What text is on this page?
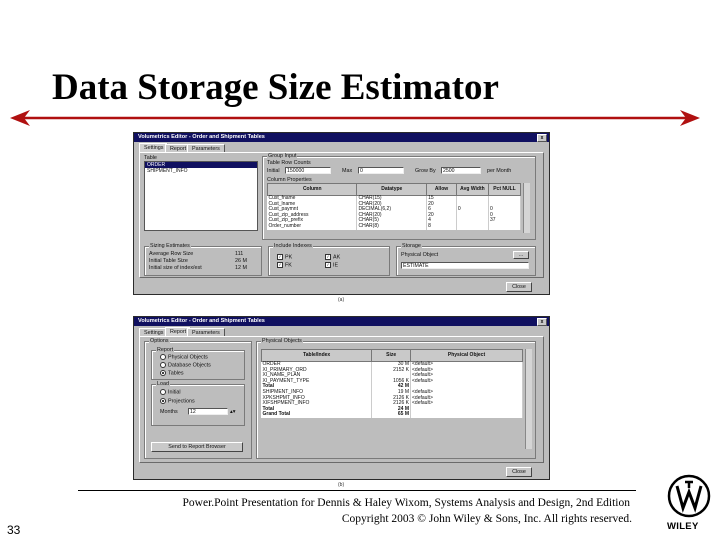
Data Storage Size Estimator
Volumetrics Editor - Order and Shipment Tables	x
Settings	Report	Parameters
Table
ORDER
SHIPMENT_INFO
Group Input
Table Row Counts
Initial	150000	Max	0	Grow By	2500	per Month
Column Properties
Column	Datatype	Allow	Avg Width	Pct NULL
Cust_fname	CHAR(15)	15		
Cust_lname	CHAR(20)	20		
Cust_paymnt	DECIMAL(6,2)	6	0	0
Cust_zip_address	CHAR(20)	20		0
Cust_zip_prefix	CHAR(5)	4		37
Order_number	CHAR(8)	8		
Sizing Estimates
Average Row Size	111
Initial Table Size	26 M
Initial size of index/est	12 M
Include Indexes
✓ PK	✓ AK
✓ FK	✓ IE
Storage
Physical Object	...
ESTIMATE
Close
(a)
Volumetrics Editor - Order and Shipment Tables	x
Settings	Report	Parameters
Options
Report
Physical Objects
Database Objects
Tables
Load
Initial
Projections
Months	12	▴▾
Send to Report Browser
Physical Objects
Table/Index	Size	Physical Object
ORDER	30 M	<default>
XI_PRIMARY_ORD	2152 K	<default>
XI_NAME_PLAN		<default>
XI_PAYMENT_TYPE	1056 K	<default>
Total	42 M	
SHIPMENT_INFO	19 M	<default>
XPKSHPMT_INFO	2126 K	<default>
XIFSHPMENT_INFO	2126 K	<default>
Total	24 M	
Grand Total	65 M	
Close
(b)
Power.Point Presentation for Dennis & Haley Wixom, Systems Analysis and Design, 2nd Edition
Copyright 2003 © John Wiley & Sons, Inc. All rights reserved.
33	WILEY
